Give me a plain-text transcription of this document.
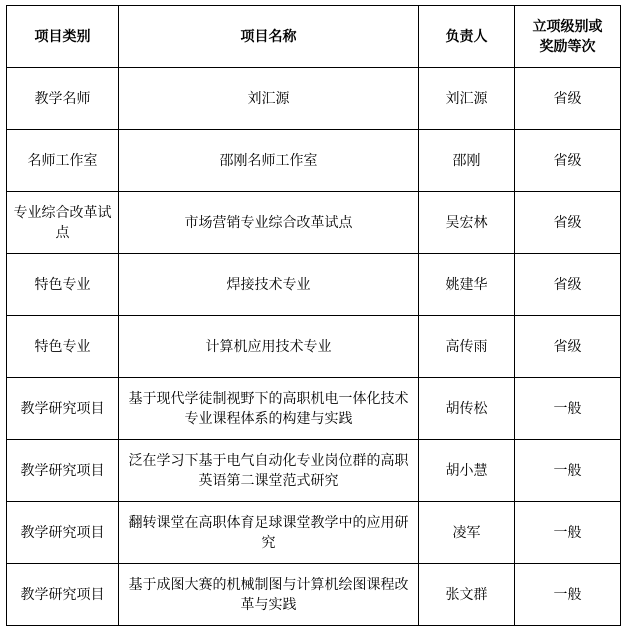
项目类别	项目名称	负责人	立项级别或
奖励等次
教学名师	刘汇源	刘汇源	省级
名师工作室	邵刚名师工作室	邵刚	省级
专业综合改革试点	市场营销专业综合改革试点	吴宏林	省级
特色专业	焊接技术专业	姚建华	省级
特色专业	计算机应用技术专业	高传雨	省级
教学研究项目	基于现代学徒制视野下的高职机电一体化技术专业课程体系的构建与实践	胡传松	一般
教学研究项目	泛在学习下基于电气自动化专业岗位群的高职英语第二课堂范式研究	胡小慧	一般
教学研究项目	翻转课堂在高职体育足球课堂教学中的应用研究	凌军	一般
教学研究项目	基于成图大赛的机械制图与计算机绘图课程改革与实践	张文群	一般
